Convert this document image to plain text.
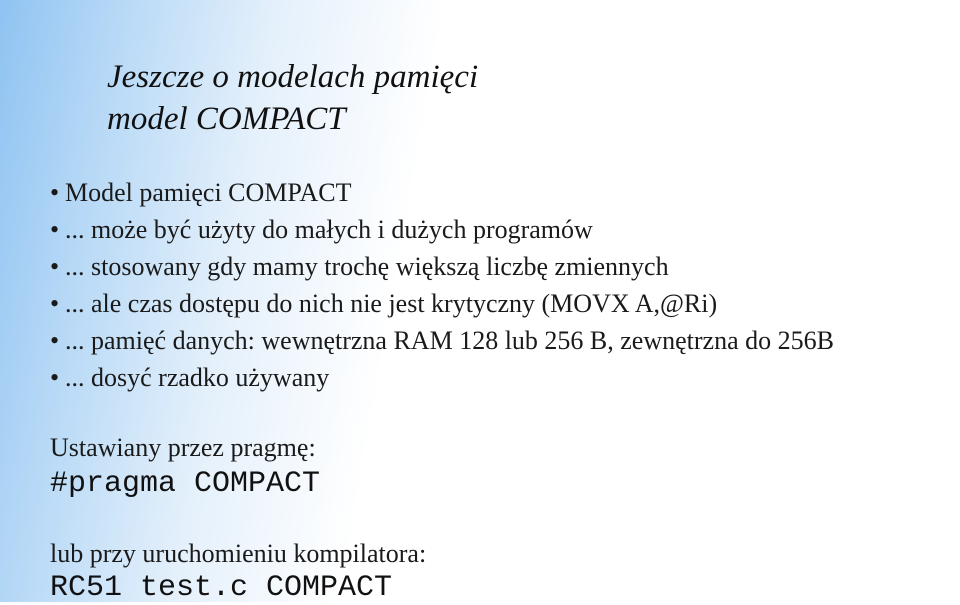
Jeszcze o modelach pamięci
model COMPACT
• Model pamięci COMPACT
• ... może być użyty do małych i dużych programów
• ... stosowany gdy mamy trochę większą liczbę zmiennych
• ... ale czas dostępu do nich nie jest krytyczny (MOVX A,@Ri)
• ... pamięć danych: wewnętrzna RAM 128 lub 256 B, zewnętrzna do 256B
• ... dosyć rzadko używany
Ustawiany przez pragmę:
#pragma COMPACT
lub przy uruchomieniu kompilatora:
RC51 test.c COMPACT
